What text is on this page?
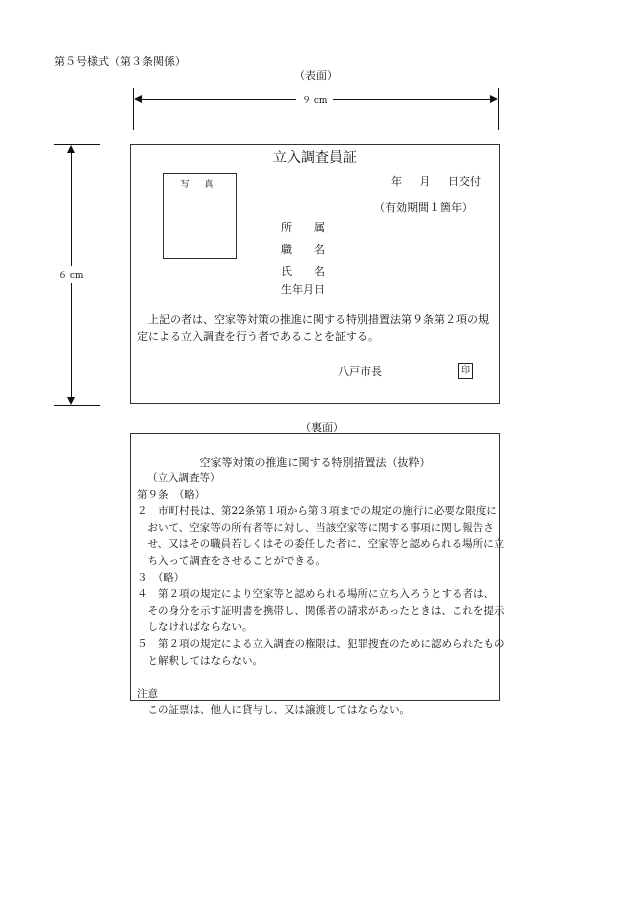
第５号様式（第３条関係）
（表面）
９ cm
６ cm
立入調査員証
写 真	年 月 日交付
（有効期間１箇年）
所　　属
職　　名
氏　　名
生年月日
上記の者は、空家等対策の推進に関する特別措置法第９条第２項の規定による立入調査を行う者であることを証する。
八戸市長	印
（裏面）
空家等対策の推進に関する特別措置法（抜粋）
（立入調査等）
第９条　（略）
２　市町村長は、第22条第１項から第３項までの規定の施行に必要な限度に
　おいて、空家等の所有者等に対し、当該空家等に関する事項に関し報告さ
　せ、又はその職員若しくはその委任した者に、空家等と認められる場所に立
　ち入って調査をさせることができる。
３　（略）
４　第２項の規定により空家等と認められる場所に立ち入ろうとする者は、
　その身分を示す証明書を携帯し、関係者の請求があったときは、これを提示
　しなければならない。
５　第２項の規定による立入調査の権限は、犯罪捜査のために認められたもの
　と解釈してはならない。
注意
　この証票は、他人に貸与し、又は譲渡してはならない。
